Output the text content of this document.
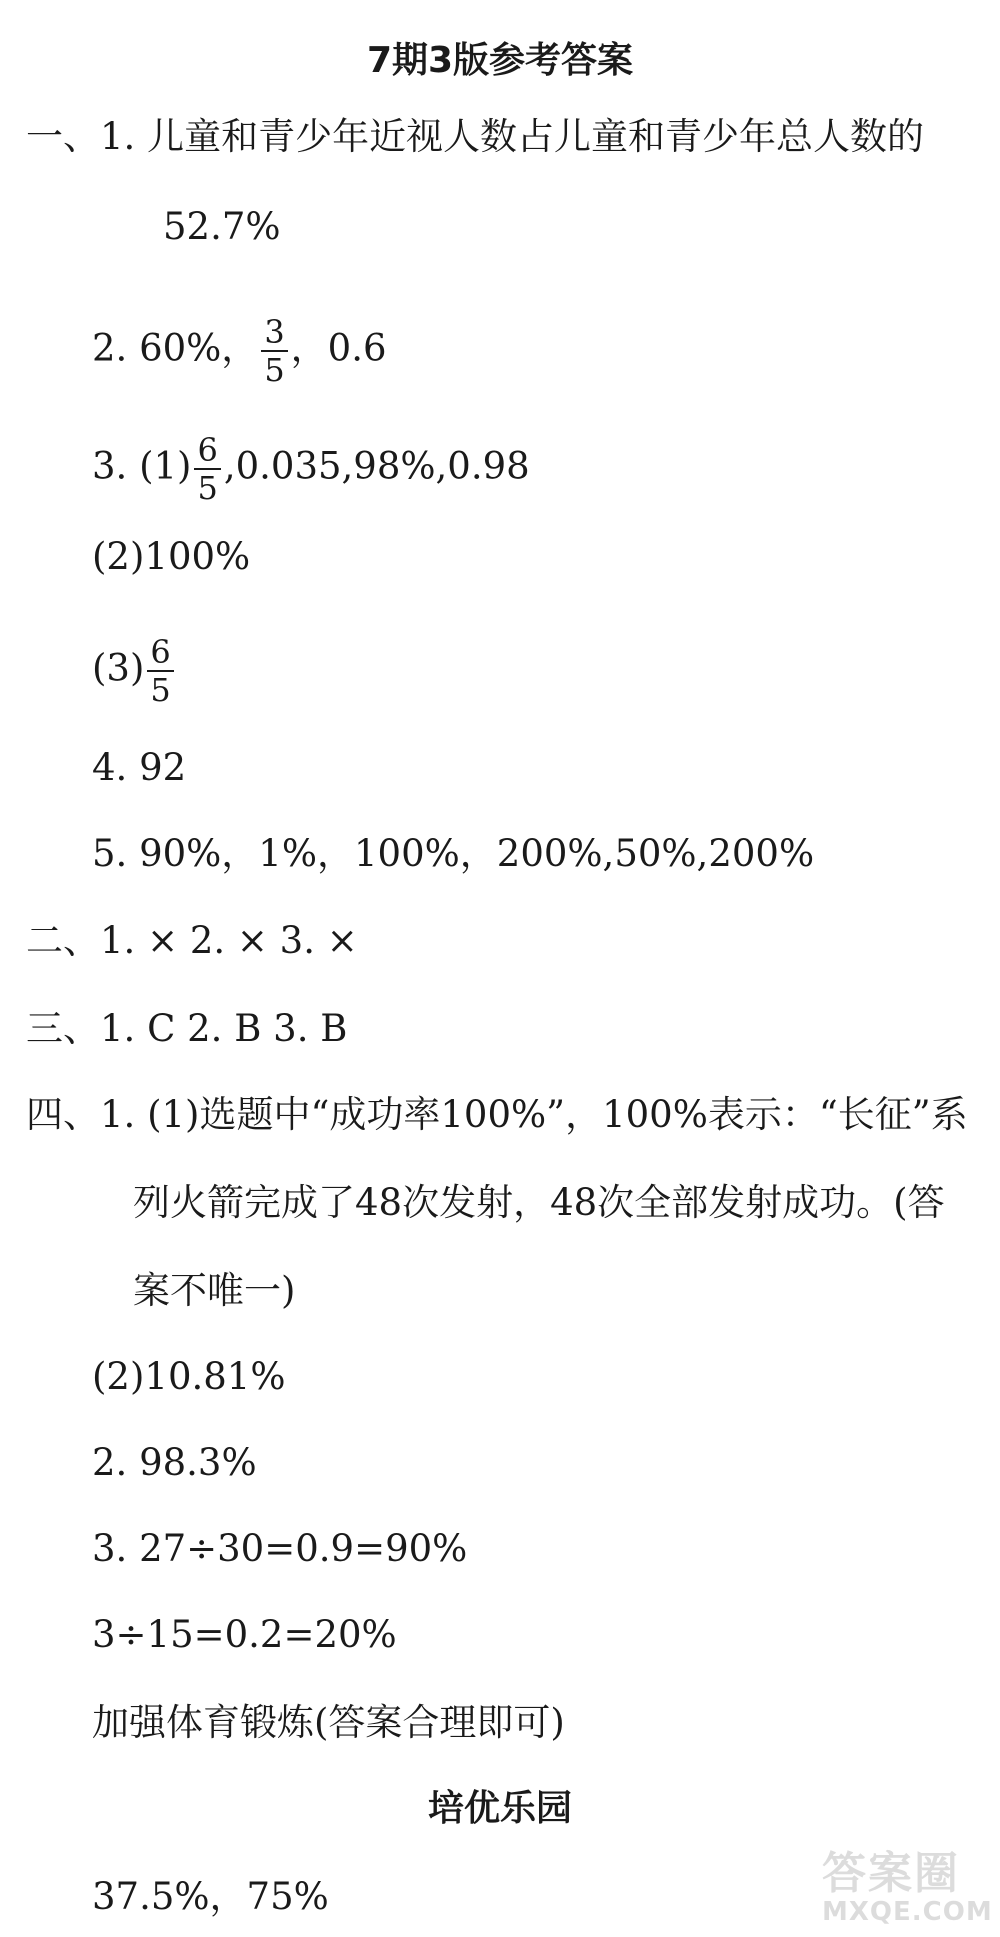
7期3版参考答案
一、1. 儿童和青少年近视人数占儿童和青少年总人数的
52.7%
2. 60%， $\frac{3}{5}$ ，0.6
3. $(1) \frac{6}{5} ,0.035,98\%,0.98$
(2)100%
$(3) \frac{6}{5}$
4. 92
5. 90%，1%，100%，200%,50%,200%
二、1. × 2. × 3. ×
三、1. C 2. B 3. B
四、1. (1)选题中“成功率100%”，100%表示：“长征”系
列火箭完成了48次发射，48次全部发射成功。(答
案不唯一)
(2)10.81%
2. 98.3%
3. 27÷30=0.9=90%
3÷15=0.2=20%
加强体育锻炼(答案合理即可)
培优乐园
37.5%，75%	答案圈
MXQE.COM
